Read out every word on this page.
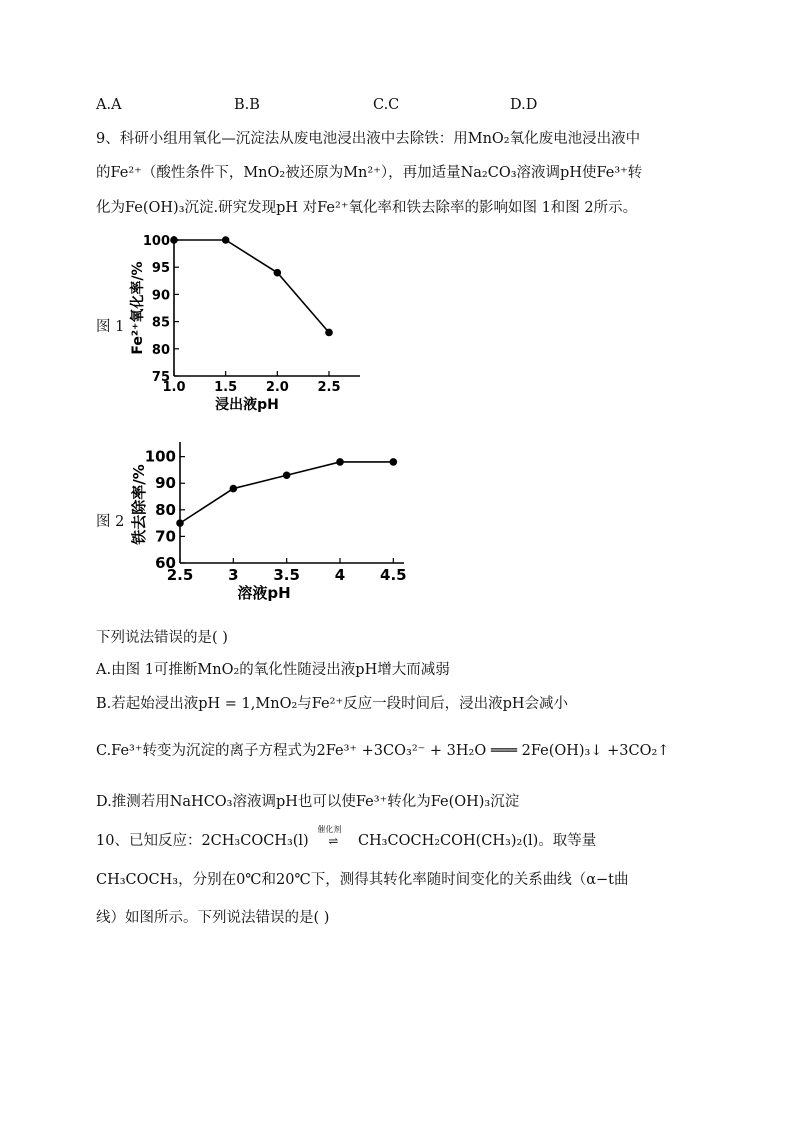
A.A	B.B	C.C	D.D
9、科研小组用氧化—沉淀法从废电池浸出液中去除铁：用MnO₂氧化废电池浸出液中
的Fe²⁺（酸性条件下，MnO₂被还原为Mn²⁺），再加适量Na₂CO₃溶液调pH使Fe³⁺转
化为Fe(OH)₃沉淀.研究发现pH 对Fe²⁺氧化率和铁去除率的影响如图 1和图 2所示。
图 1
75
80
85
90
95
100
1.0 1.5 2.0 2.5
浸出液pH
Fe²⁺氧化率/%
图 2
60
70
80
90
100
2.5 3 3.5 4 4.5
溶液pH
铁去除率/%
下列说法错误的是( )
A.由图 1可推断MnO₂的氧化性随浸出液pH增大而减弱
B.若起始浸出液pH = 1,MnO₂与Fe²⁺反应一段时间后，浸出液pH会减小
C.Fe³⁺转变为沉淀的离子方程式为2Fe³⁺ +3CO₃²⁻ + 3H₂O ═══ 2Fe(OH)₃↓ +3CO₂↑
D.推测若用NaHCO₃溶液调pH也可以使Fe³⁺转化为Fe(OH)₃沉淀
10、已知反应：2CH₃COCH₃(l)
催化剂
⇌ CH₃COCH₂COH(CH₃)₂(l)。取等量
CH₃COCH₃，分别在0℃和20℃下，测得其转化率随时间变化的关系曲线（α−t曲
线）如图所示。下列说法错误的是( )
